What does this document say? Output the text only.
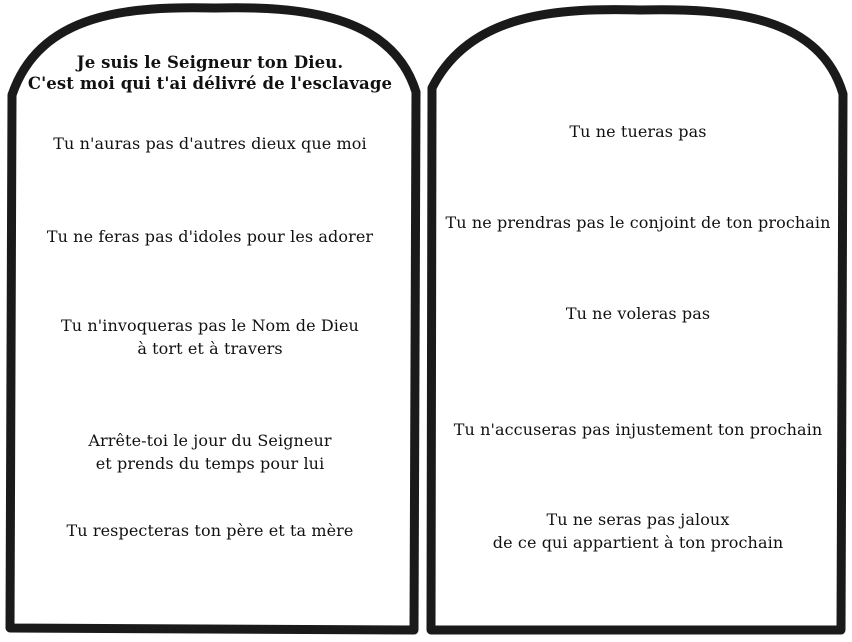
Je suis le Seigneur ton Dieu.
C'est moi qui t'ai délivré de l'esclavage
Tu n'auras pas d'autres dieux que moi
Tu ne feras pas d'idoles pour les adorer
Tu n'invoqueras pas le Nom de Dieu
à tort et à travers
Arrête-toi le jour du Seigneur
et prends du temps pour lui
Tu respecteras ton père et ta mère
Tu ne tueras pas
Tu ne prendras pas le conjoint de ton prochain
Tu ne voleras pas
Tu n'accuseras pas injustement ton prochain
Tu ne seras pas jaloux
de ce qui appartient à ton prochain
